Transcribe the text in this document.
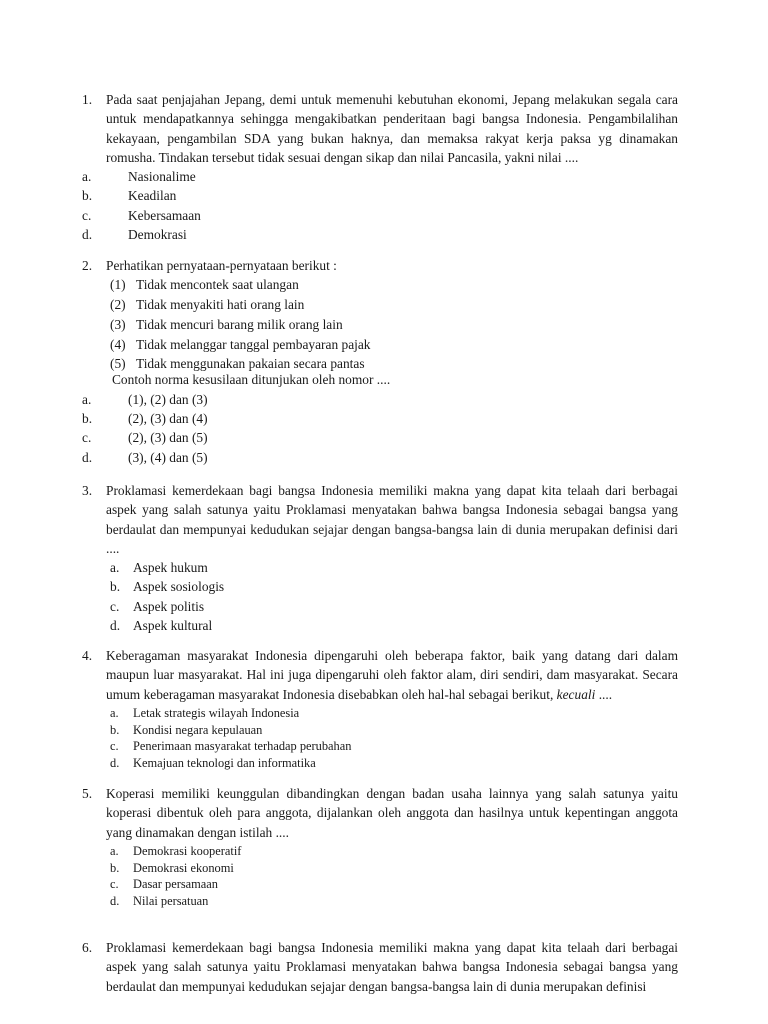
1.	Pada saat penjajahan Jepang, demi untuk memenuhi kebutuhan ekonomi, Jepang melakukan segala cara untuk mendapatkannya sehingga mengakibatkan penderitaan bagi bangsa Indonesia. Pengambilalihan kekayaan, pengambilan SDA yang bukan haknya, dan memaksa rakyat kerja paksa yg dinamakan romusha. Tindakan tersebut tidak sesuai dengan sikap dan nilai Pancasila, yakni nilai ....
a.	Nasionalime
b.	Keadilan
c.	Kebersamaan
d.	Demokrasi
2.	Perhatikan pernyataan-pernyataan berikut :
(1) Tidak mencontek saat ulangan
(2) Tidak menyakiti hati orang lain
(3) Tidak mencuri barang milik orang lain
(4) Tidak melanggar tanggal pembayaran pajak
(5) Tidak menggunakan pakaian secara pantas
Contoh norma kesusilaan ditunjukan oleh nomor ....
a.	(1), (2) dan (3)
b.	(2), (3) dan (4)
c.	(2), (3) dan (5)
d.	(3), (4) dan (5)
3.	Proklamasi kemerdekaan bagi bangsa Indonesia memiliki makna yang dapat kita telaah dari berbagai aspek yang salah satunya yaitu Proklamasi menyatakan bahwa bangsa Indonesia sebagai bangsa yang berdaulat dan mempunyai kedudukan sejajar dengan bangsa-bangsa lain di dunia merupakan definisi dari ....
a. Aspek hukum
b. Aspek sosiologis
c. Aspek politis
d. Aspek kultural
4.	Keberagaman masyarakat Indonesia dipengaruhi oleh beberapa faktor, baik yang datang dari dalam maupun luar masyarakat. Hal ini juga dipengaruhi oleh faktor alam, diri sendiri, dam masyarakat. Secara umum keberagaman masyarakat Indonesia disebabkan oleh hal-hal sebagai berikut, kecuali ....
a. Letak strategis wilayah Indonesia
b. Kondisi negara kepulauan
c. Penerimaan masyarakat terhadap perubahan
d. Kemajuan teknologi dan informatika
5.	Koperasi memiliki keunggulan dibandingkan dengan badan usaha lainnya yang salah satunya yaitu koperasi dibentuk oleh para anggota, dijalankan oleh anggota dan hasilnya untuk kepentingan anggota yang dinamakan dengan istilah ....
a. Demokrasi kooperatif
b. Demokrasi ekonomi
c. Dasar persamaan
d. Nilai persatuan
6.	Proklamasi kemerdekaan bagi bangsa Indonesia memiliki makna yang dapat kita telaah dari berbagai aspek yang salah satunya yaitu Proklamasi menyatakan bahwa bangsa Indonesia sebagai bangsa yang berdaulat dan mempunyai kedudukan sejajar dengan bangsa-bangsa lain di dunia merupakan definisi
